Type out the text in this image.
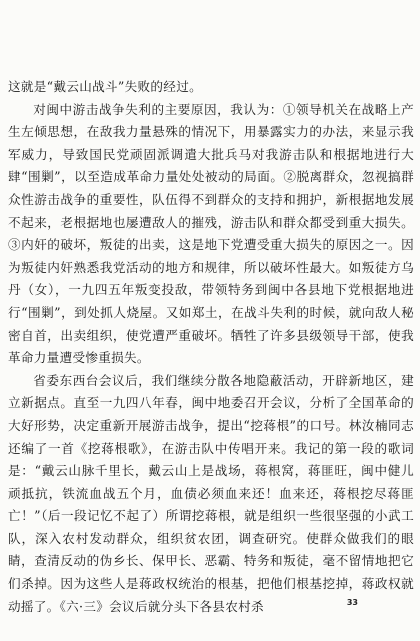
这就是“戴云山战斗”失败的经过。

对闽中游击战争失利的主要原因，我认为：①领导机关在战略上产生左倾思想，在敌我力量悬殊的情况下，用暴露实力的办法，来显示我军威力，导致国民党顽固派调遣大批兵马对我游击队和根据地进行大肆“围剿”，以至造成革命力量处处被动的局面。②脱离群众，忽视搞群众性游击战争的重要性，队伍得不到群众的支持和拥护，新根据地发展不起来，老根据地也屡遭敌人的摧残，游击队和群众都受到重大损失。③内奸的破坏，叛徒的出卖，这是地下党遭受重大损失的原因之一。因为叛徒内奸熟悉我党活动的地方和规律，所以破坏性最大。如叛徒方乌丹（女），一九四五年叛变投敌，带领特务到闽中各县地下党根据地进行“围剿”，到处抓人烧屋。又如郑土，在战斗失利的时候，就向敌人秘密自首，出卖组织，使党遭严重破坏。牺牲了许多县级领导干部，使我革命力量遭受惨重损失。

省委东西台会议后，我们继续分散各地隐蔽活动，开辟新地区，建立新据点。直至一九四八年春，闽中地委召开会议，分析了全国革命的大好形势，决定重新开展游击战争，提出“挖蒋根”的口号。林汝楠同志还编了一首《挖蒋根歌》，在游击队中传唱开来。我记的第一段的歌词是：“戴云山脉千里长，戴云山上是战场，蒋根窝，蒋匪旺，闽中健儿顽抵抗，铁流血战五个月，血债必须血来还！血来还，蒋根挖尽蒋匪亡！”（后一段记忆不起了）所谓挖蒋根，就是组织一些很坚强的小武工队，深入农村发动群众，组织贫农团，调查研究。使群众做我们的眼睛，查清反动的伪乡长、保甲长、恶霸、特务和叛徒，毫不留情地把它们杀掉。因为这些人是蒋政权统治的根基，把他们根基挖掉，蒋政权就动摇了。《六·三》会议后就分头下各县农村杀	33
